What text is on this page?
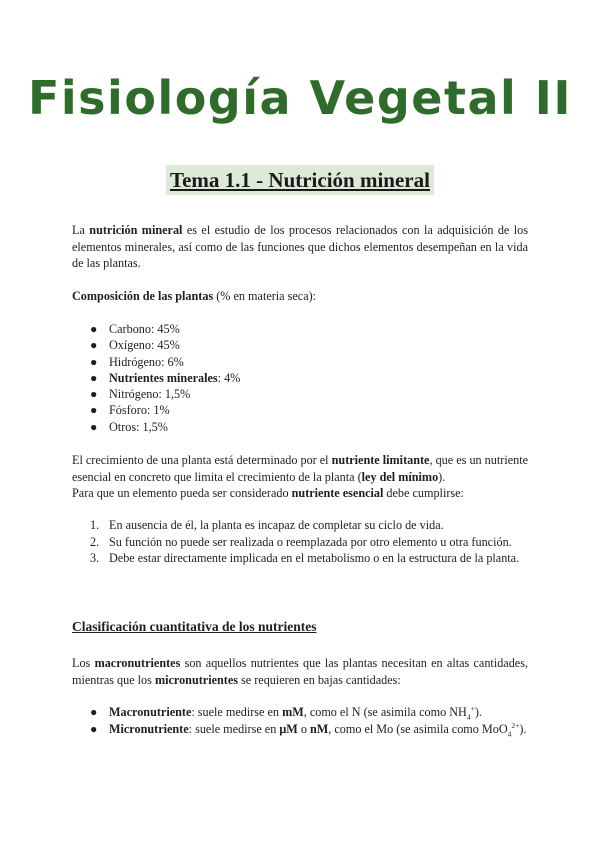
Fisiología Vegetal II
Tema 1.1 - Nutrición mineral

La nutrición mineral es el estudio de los procesos relacionados con la adquisición de los elementos minerales, así como de las funciones que dichos elementos desempeñan en la vida de las plantas.

Composición de las plantas (% en materia seca):

● Carbono: 45%
● Oxígeno: 45%
● Hidrógeno: 6%
● Nutrientes minerales: 4%
● Nitrógeno: 1,5%
● Fósforo: 1%
● Otros: 1,5%

El crecimiento de una planta está determinado por el nutriente limitante, que es un nutriente esencial en concreto que limita el crecimiento de la planta (ley del mínimo).

Para que un elemento pueda ser considerado nutriente esencial debe cumplirse:

1. En ausencia de él, la planta es incapaz de completar su ciclo de vida.
2. Su función no puede ser realizada o reemplazada por otro elemento u otra función.
3. Debe estar directamente implicada en el metabolismo o en la estructura de la planta.
Clasificación cuantitativa de los nutrientes

Los macronutrientes son aquellos nutrientes que las plantas necesitan en altas cantidades, mientras que los micronutrientes se requieren en bajas cantidades:

● Macronutriente: suele medirse en mM, como el N (se asimila como $NH_4^+$).
● Micronutriente: suele medirse en μM o nM, como el Mo (se asimila como MoO$_4^{2+}$).
